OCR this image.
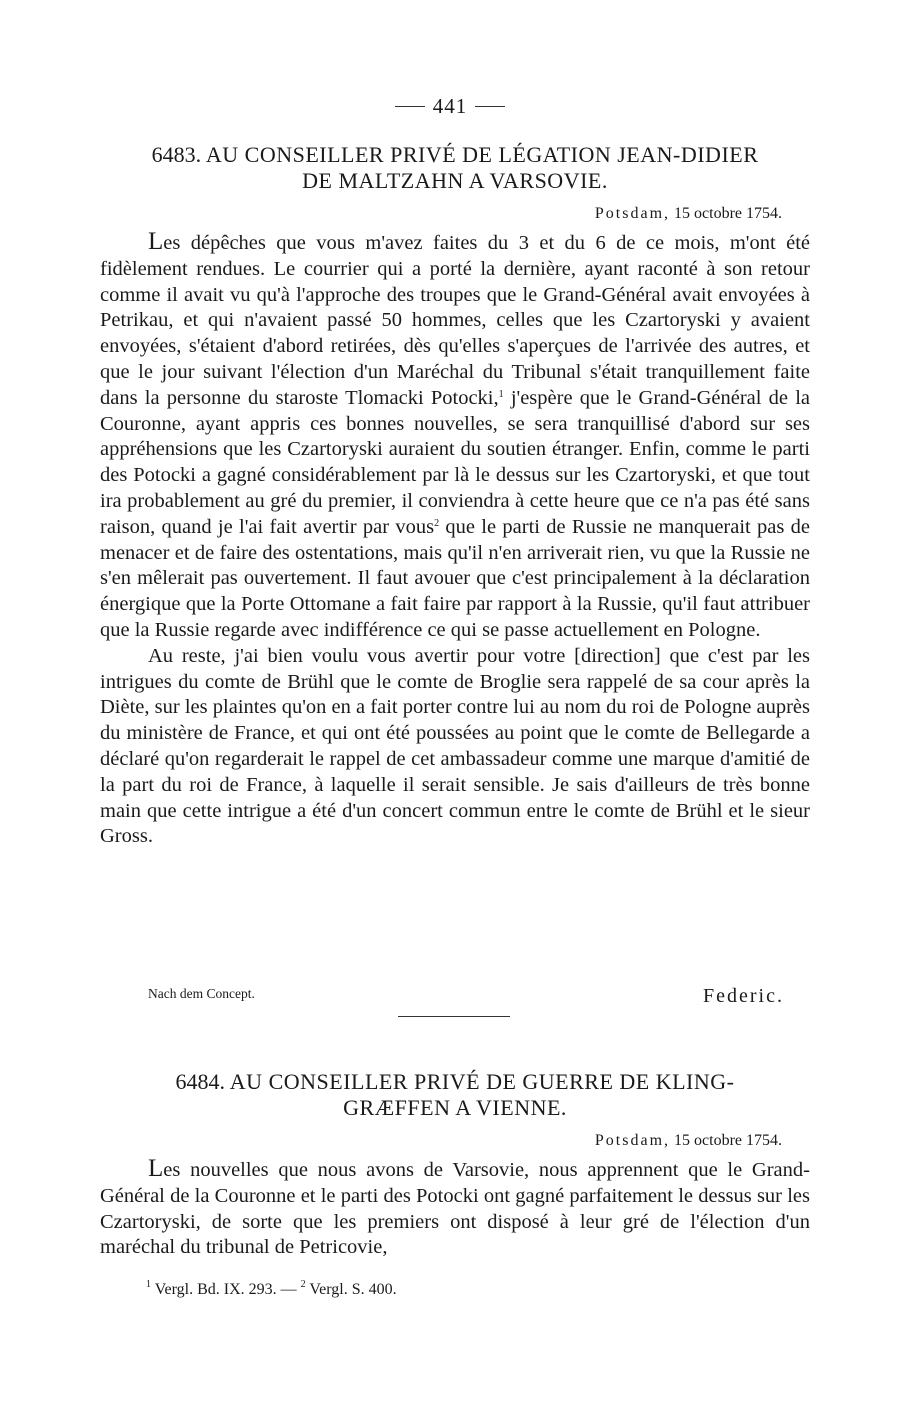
441
6483. AU CONSEILLER PRIVÉ DE LÉGATION JEAN-DIDIER
DE MALTZAHN A VARSOVIE.
Potsdam, 15 octobre 1754.

Les dépêches que vous m'avez faites du 3 et du 6 de ce mois, m'ont été fidèlement rendues. Le courrier qui a porté la dernière, ayant raconté à son retour comme il avait vu qu'à l'approche des troupes que le Grand-Général avait envoyées à Petrikau, et qui n'avaient passé 50 hommes, celles que les Czartoryski y avaient envoyées, s'étaient d'abord retirées, dès qu'elles s'aperçues de l'arrivée des autres, et que le jour suivant l'élection d'un Maréchal du Tribunal s'était tranquillement faite dans la personne du staroste Tlomacki Potocki,$^1$ j'espère que le Grand-Général de la Couronne, ayant appris ces bonnes nouvelles, se sera tranquillisé d'abord sur ses appréhensions que les Czartoryski auraient du soutien étranger. Enfin, comme le parti des Potocki a gagné considérablement par là le dessus sur les Czartoryski, et que tout ira probablement au gré du premier, il conviendra à cette heure que ce n'a pas été sans raison, quand je l'ai fait avertir par vous$^2$ que le parti de Russie ne manquerait pas de menacer et de faire des ostentations, mais qu'il n'en arriverait rien, vu que la Russie ne s'en mêlerait pas ouvertement. Il faut avouer que c'est principalement à la déclaration énergique que la Porte Ottomane a fait faire par rapport à la Russie, qu'il faut attribuer que la Russie regarde avec indifférence ce qui se passe actuellement en Pologne.

Au reste, j'ai bien voulu vous avertir pour votre [direction] que c'est par les intrigues du comte de Brühl que le comte de Broglie sera rappelé de sa cour après la Diète, sur les plaintes qu'on en a fait porter contre lui au nom du roi de Pologne auprès du ministère de France, et qui ont été poussées au point que le comte de Bellegarde a déclaré qu'on regarderait le rappel de cet ambassadeur comme une marque d'amitié de la part du roi de France, à laquelle il serait sensible. Je sais d'ailleurs de très bonne main que cette intrigue a été d'un concert commun entre le comte de Brühl et le sieur Gross.

Nach dem Concept.	Federic.
6484. AU CONSEILLER PRIVÉ DE GUERRE DE KLING-
GRÆFFEN A VIENNE.
Potsdam, 15 octobre 1754.

Les nouvelles que nous avons de Varsovie, nous apprennent que le Grand-Général de la Couronne et le parti des Potocki ont gagné parfaitement le dessus sur les Czartoryski, de sorte que les premiers ont disposé à leur gré de l'élection d'un maréchal du tribunal de Petricovie,

$^1$ Vergl. Bd. IX. 293. — $^2$ Vergl. S. 400.
